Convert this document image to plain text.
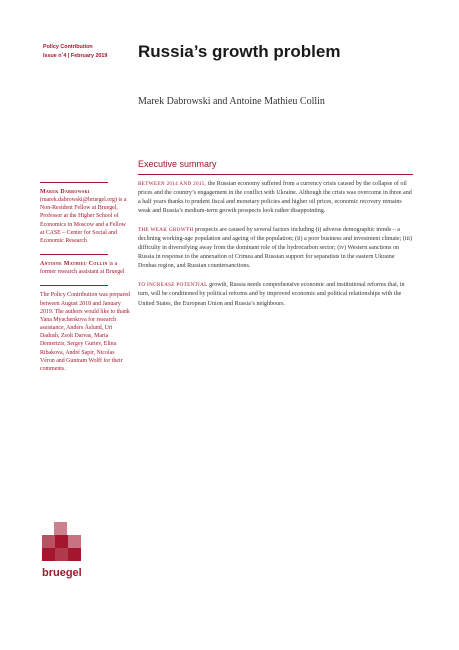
Policy Contribution
Issue n˚4 | February 2019	Russia’s growth problem
Marek Dabrowski and Antoine Mathieu Collin
Executive summary

Marek Dabrowski (marek.dabrowski@bruegel.org) is a Non-Resident Fellow at Bruegel, Professor at the Higher School of Economics in Moscow and a Fellow at CASE – Center for Social and Economic Research

Antoine Mathieu Collin is a former research assistant at Bruegel

The Policy Contribution was prepared between August 2018 and January 2019. The authors would like to thank Yana Myachenkova for research assistance, Anders Åslund, Uri Dadush, Zsolt Darvas, Maria Demertzis, Sergey Guriev, Elina Ribakova, André Sapir, Nicolas Véron and Guntram Wolff for their comments.

BETWEEN 2014 AND 2015, the Russian economy suffered from a currency crisis caused by the collapse of oil prices and the country’s engagement in the conflict with Ukraine. Although the crisis was overcome in three and a half years thanks to prudent fiscal and monetary policies and higher oil prices, economic recovery remains weak and Russia’s medium-term growth prospects look rather disappointing.

THE WEAK GROWTH prospects are caused by several factors including (i) adverse demographic trends – a declining working-age population and ageing of the population; (ii) a poor business and investment climate; (iii) difficulty in diversifying away from the dominant role of the hydrocarbon sector; (iv) Western sanctions on Russia in response to the annexation of Crimea and Russian support for separatists in the eastern Ukraine Donbas region, and Russian countersanctions.

TO INCREASE POTENTIAL growth, Russia needs comprehensive economic and institutional reforms that, in turn, will be conditioned by political reforms and by improved economic and political relationships with the United States, the European Union and Russia’s neighbours.

bruegel
